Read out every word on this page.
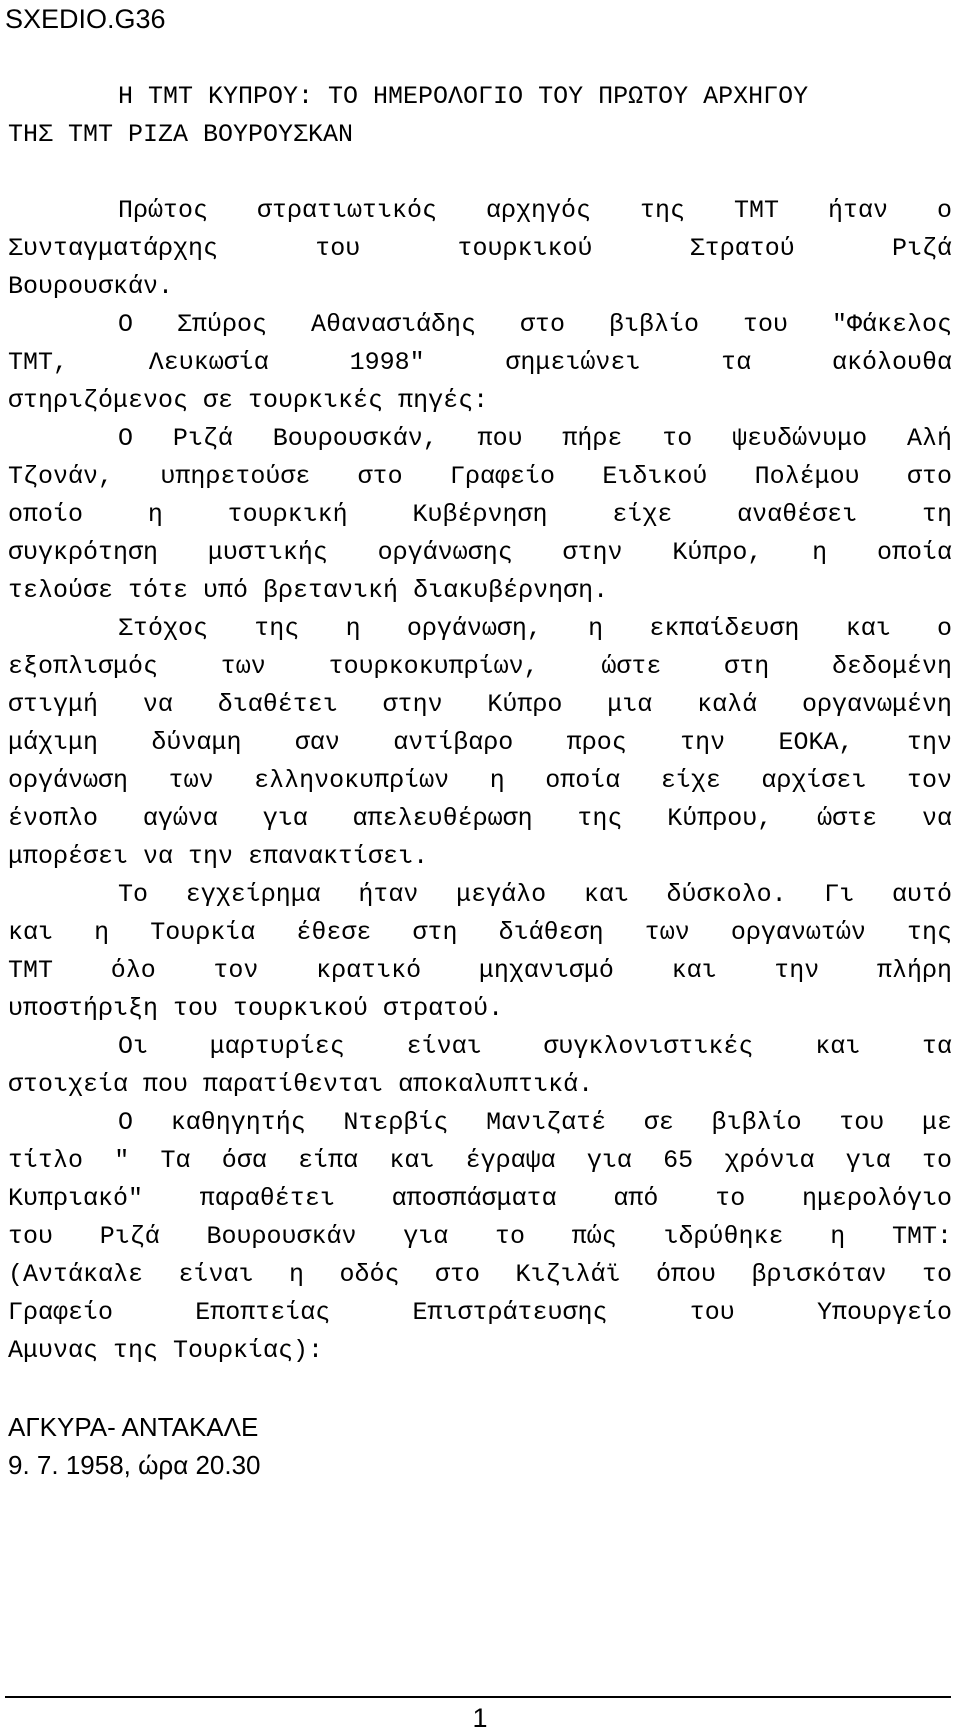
SXEDIO.G36
Η ΤΜΤ ΚΥΠΡΟΥ: ΤΟ ΗΜΕΡΟΛΟΓΙΟ ΤΟΥ ΠΡΩΤΟΥ ΑΡΧΗΓΟΥ
ΤΗΣ ΤΜΤ ΡΙΖΑ ΒΟΥΡΟΥΣΚΑΝ
Πρώτος στρατιωτικός αρχηγός της ΤΜΤ ήταν ο
Συνταγματάρχης του τουρκικού Στρατού Ριζά
Βουρουσκάν.
Ο Σπύρος Αθανασιάδης στο βιβλίο του "Φάκελος
ΤΜΤ, Λευκωσία 1998" σημειώνει τα ακόλουθα
στηριζόμενος σε τουρκικές πηγές:
Ο Ριζά Βουρουσκάν, που πήρε το ψευδώνυμο Αλή
Τζονάν, υπηρετούσε στο Γραφείο Ειδικού Πολέμου στο
οποίο η τουρκική Κυβέρνηση είχε αναθέσει τη
συγκρότηση μυστικής οργάνωσης στην Κύπρο, η οποία
τελούσε τότε υπό βρετανική διακυβέρνηση.
Στόχος της η οργάνωση, η εκπαίδευση και ο
εξοπλισμός των τουρκοκυπρίων, ώστε στη δεδομένη
στιγμή να διαθέτει στην Κύπρο μια καλά οργανωμένη
μάχιμη δύναμη σαν αντίβαρο προς την ΕΟΚΑ, την
οργάνωση των ελληνοκυπρίων η οποία είχε αρχίσει τον
ένοπλο αγώνα για απελευθέρωση της Κύπρου, ώστε να
μπορέσει να την επανακτίσει.
Το εγχείρημα ήταν μεγάλο και δύσκολο. Γι αυτό
και η Τουρκία έθεσε στη διάθεση των οργανωτών της
ΤΜΤ όλο τον κρατικό μηχανισμό και την πλήρη
υποστήριξη του τουρκικού στρατού.
Οι μαρτυρίες είναι συγκλονιστικές και τα
στοιχεία που παρατίθενται αποκαλυπτικά.
Ο καθηγητής Ντερβίς Μανιζατέ σε βιβλίο του με
τίτλο " Τα όσα είπα και έγραψα για 65 χρόνια για το
Κυπριακό" παραθέτει αποσπάσματα από το ημερολόγιο
του Ριζά Βουρουσκάν για το πώς ιδρύθηκε η ΤΜΤ:
(Αντάκαλε είναι η οδός στο Κιζιλάϊ όπου βρισκόταν το
Γραφείο Εποπτείας Επιστράτευσης του Υπουργείο
Αμυνας της Τουρκίας):
ΑΓΚΥΡΑ- ΑΝΤΑΚΑΛΕ
9. 7. 1958, ώρα 20.30
1
